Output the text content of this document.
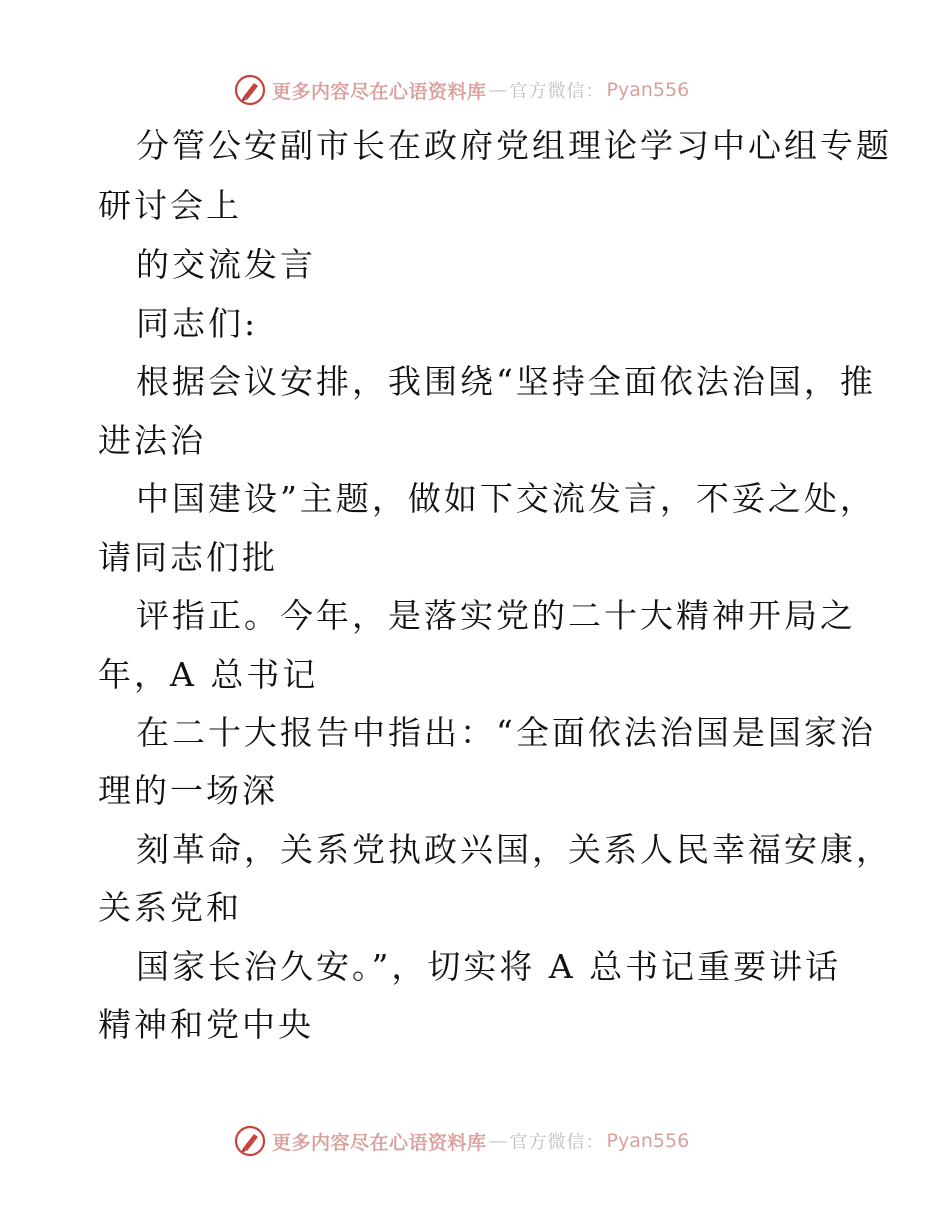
更多内容尽在心语资料库 — 官方微信： Pyan556
分管公安副市长在政府党组理论学习中心组专题
研讨会上
的交流发言
同志们:
根据会议安排，我围绕“坚持全面依法治国，推
进法治
中国建设”主题，做如下交流发言，不妥之处，
请同志们批
评指正。今年，是落实党的二十大精神开局之
年，A 总书记
在二十大报告中指出：“全面依法治国是国家治
理的一场深
刻革命，关系党执政兴国，关系人民幸福安康，
关系党和
国家长治久安。”，切实将 A 总书记重要讲话
精神和党中央
更多内容尽在心语资料库 — 官方微信： Pyan556
